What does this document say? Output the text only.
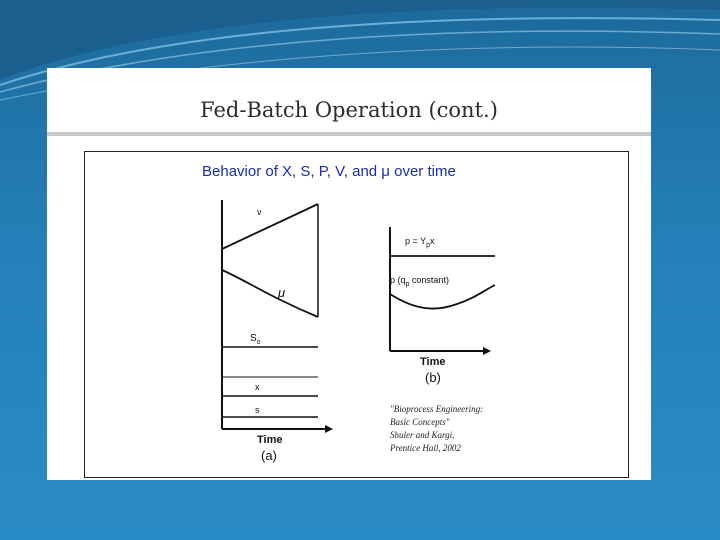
Fed-Batch Operation (cont.)
Behavior of X, S, P, V, and μ over time
v
μ
$S_o$
x
s
Time
(a)
$p = Y_px$
p ($q_p$ constant)
Time
(b)
"Bioprocess Engineering:
Basic Concepts"
Shuler and Kargi,
Prentice Hall, 2002
